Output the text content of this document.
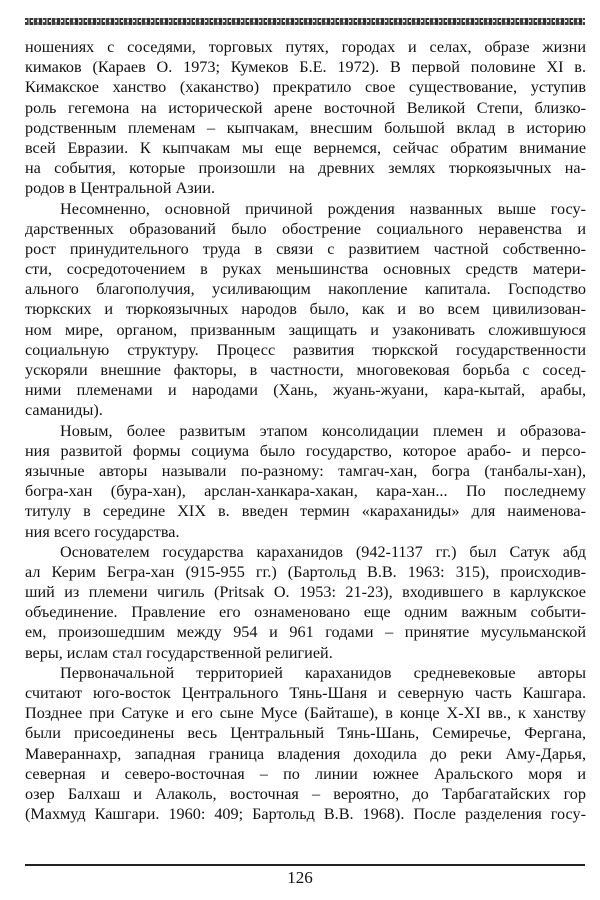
ношениях с соседями, торговых путях, городах и селах, образе жизни
кимаков (Караев О. 1973; Кумеков Б.Е. 1972). В первой половине XI в.
Кимакское ханство (хаканство) прекратило свое существование, уступив
роль гегемона на исторической арене восточной Великой Степи, близко-
родственным племенам – кыпчакам, внесшим большой вклад в историю
всей Евразии. К кыпчакам мы еще вернемся, сейчас обратим внимание
на события, которые произошли на древних землях тюркоязычных на-
родов в Центральной Азии.
Несомненно, основной причиной рождения названных выше госу-
дарственных образований было обострение социального неравенства и
рост принудительного труда в связи с развитием частной собственно-
сти, сосредоточением в руках меньшинства основных средств матери-
ального благополучия, усиливающим накопление капитала. Господство
тюркских и тюркоязычных народов было, как и во всем цивилизован-
ном мире, органом, призванным защищать и узаконивать сложившуюся
социальную структуру. Процесс развития тюркской государственности
ускоряли внешние факторы, в частности, многовековая борьба с сосед-
ними племенами и народами (Хань, жуань-жуани, кара-кытай, арабы,
саманиды).
Новым, более развитым этапом консолидации племен и образова-
ния развитой формы социума было государство, которое арабо- и персо-
язычные авторы называли по-разному: тамгач-хан, богра (танбалы-хан),
богра-хан (бура-хан), арслан-ханкара-хакан, кара-хан... По последнему
титулу в середине XIX в. введен термин «караханиды» для наименова-
ния всего государства.
Основателем государства караханидов (942-1137 гг.) был Сатук абд
ал Керим Бегра-хан (915-955 гг.) (Бартольд В.В. 1963: 315), происходив-
ший из племени чигиль (Pritsak O. 1953: 21-23), входившего в карлукское
объединение. Правление его ознаменовано еще одним важным событи-
ем, произошедшим между 954 и 961 годами – принятие мусульманской
веры, ислам стал государственной религией.
Первоначальной территорией караханидов средневековые авторы
считают юго-восток Центрального Тянь-Шаня и северную часть Кашгара.
Позднее при Сатуке и его сыне Мусе (Байташе), в конце X-XI вв., к ханству
были присоединены весь Центральный Тянь-Шань, Семиречье, Фергана,
Мавераннахр, западная граница владения доходила до реки Аму-Дарья,
северная и северо-восточная – по линии южнее Аральского моря и
озер Балхаш и Алаколь, восточная – вероятно, до Тарбагатайских гор
(Махмуд Кашгари. 1960: 409; Бартольд В.В. 1968). После разделения госу-
126
